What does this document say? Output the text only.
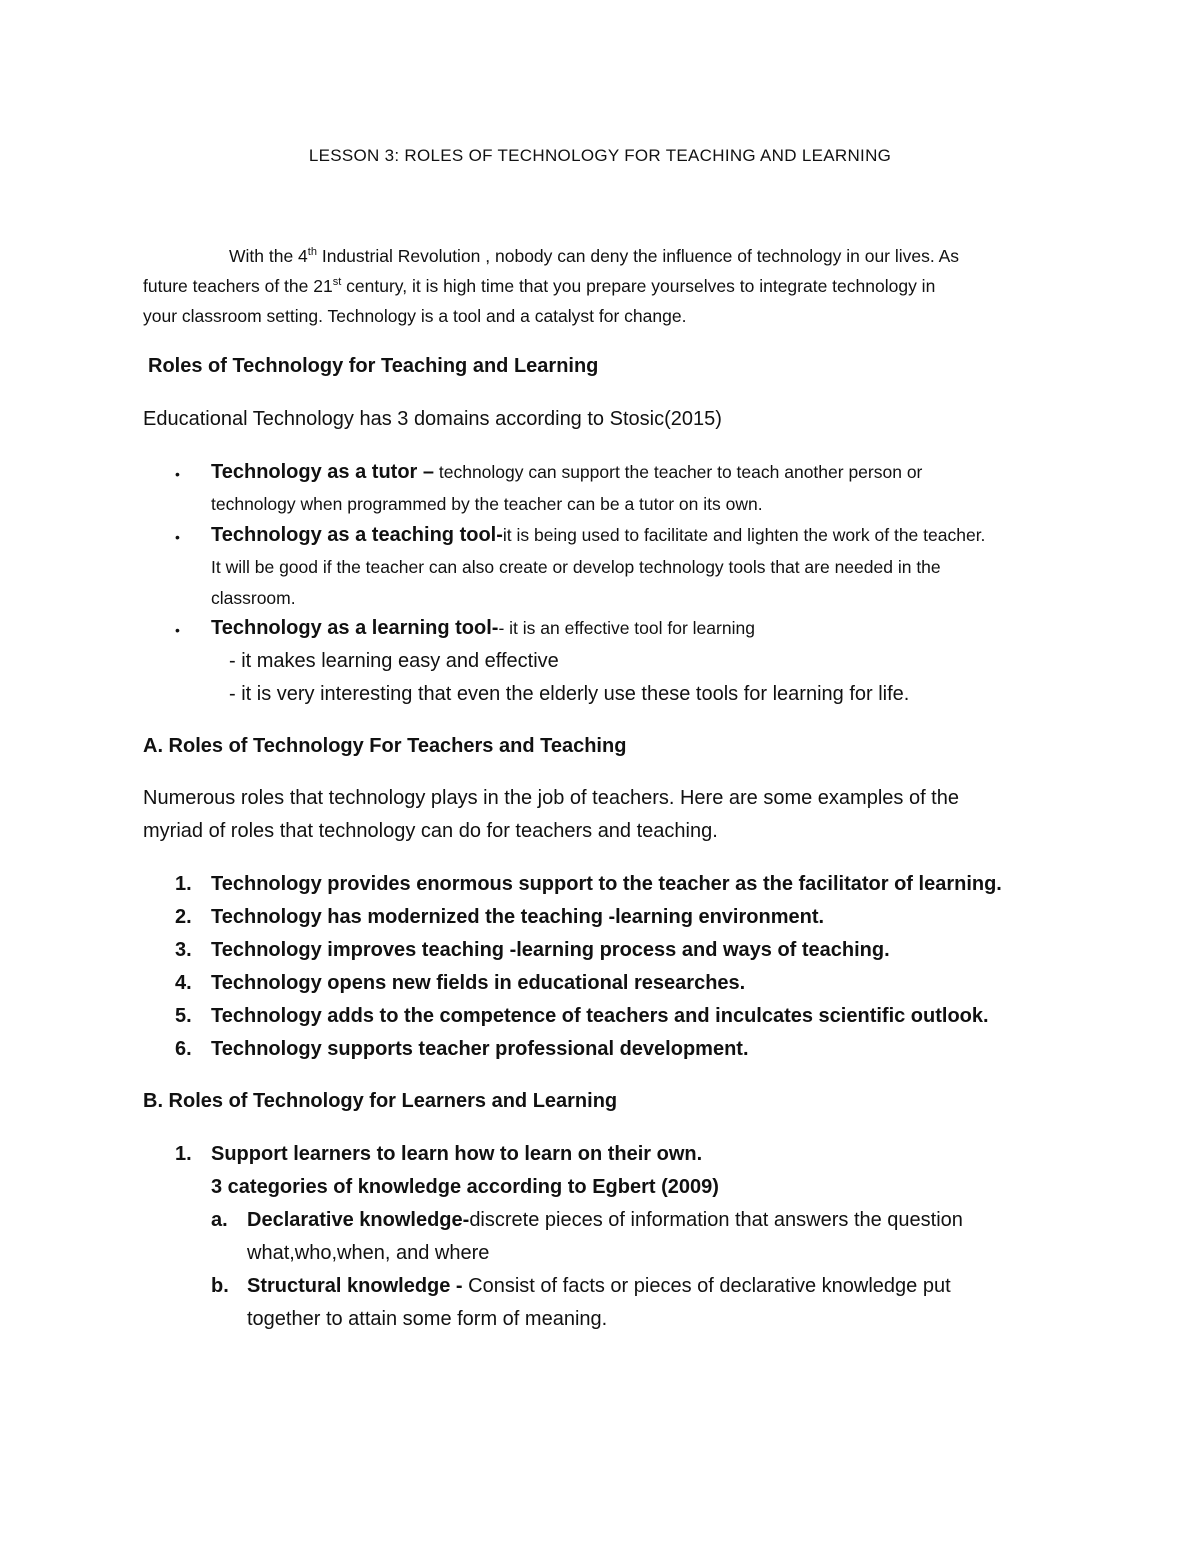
LESSON 3: ROLES OF TECHNOLOGY FOR TEACHING AND LEARNING

With the 4th Industrial Revolution , nobody can deny the influence of technology in our lives. As

future teachers of the 21st century, it is high time that you prepare yourselves to integrate technology in

your classroom setting. Technology is a tool and a catalyst for change.

Roles of Technology for Teaching and Learning

Educational Technology has 3 domains according to Stosic(2015)

• Technology as a tutor – technology can support the teacher to teach another person or

technology when programmed by the teacher can be a tutor on its own.

• Technology as a teaching tool-it is being used to facilitate and lighten the work of the teacher.

It will be good if the teacher can also create or develop technology tools that are needed in the

classroom.

• Technology as a learning tool-- it is an effective tool for learning

- it makes learning easy and effective

- it is very interesting that even the elderly use these tools for learning for life.

A. Roles of Technology For Teachers and Teaching

Numerous roles that technology plays in the job of teachers. Here are some examples of the

myriad of roles that technology can do for teachers and teaching.

1. Technology provides enormous support to the teacher as the facilitator of learning.

2. Technology has modernized the teaching -learning environment.

3. Technology improves teaching -learning process and ways of teaching.

4. Technology opens new fields in educational researches.

5. Technology adds to the competence of teachers and inculcates scientific outlook.

6. Technology supports teacher professional development.

B. Roles of Technology for Learners and Learning

1. Support learners to learn how to learn on their own.

3 categories of knowledge according to Egbert (2009)

a. Declarative knowledge-discrete pieces of information that answers the question

what,who,when, and where

b. Structural knowledge - Consist of facts or pieces of declarative knowledge put

together to attain some form of meaning.
